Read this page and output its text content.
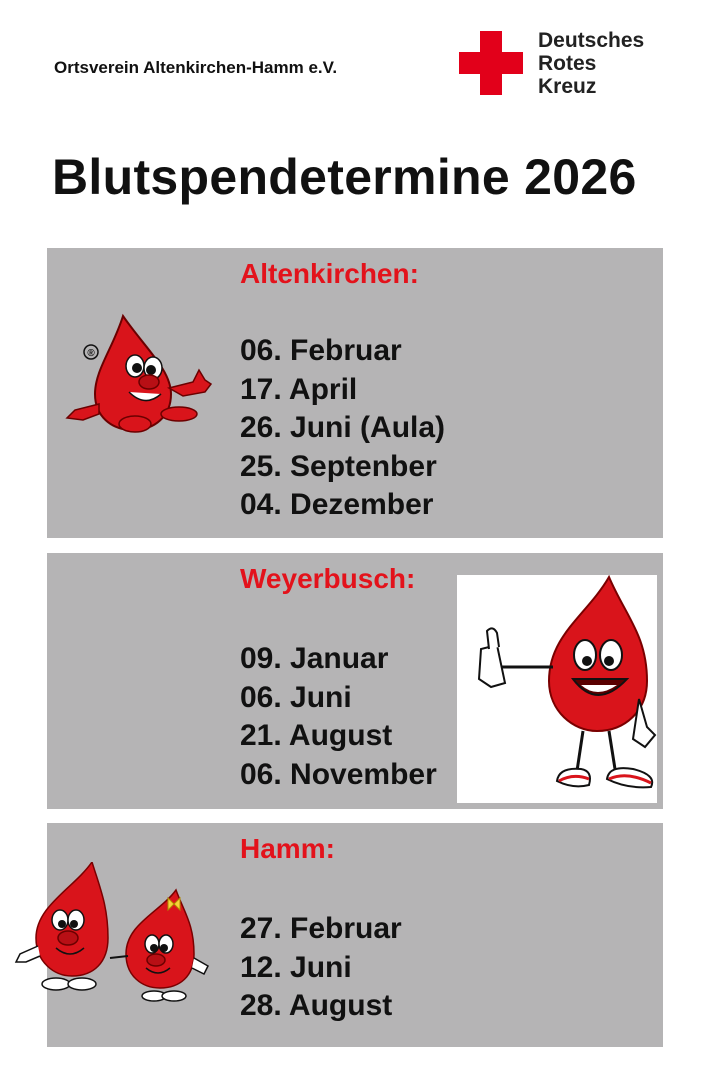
Ortsverein Altenkirchen-Hamm e.V.
Deutsches
Rotes
Kreuz
Blutspendetermine 2026
Altenkirchen:
06. Februar
17. April
26. Juni (Aula)
25. Septenber
04. Dezember
®
Weyerbusch:
09. Januar
06. Juni
21. August
06. November
Hamm:
27. Februar
12. Juni
28. August
